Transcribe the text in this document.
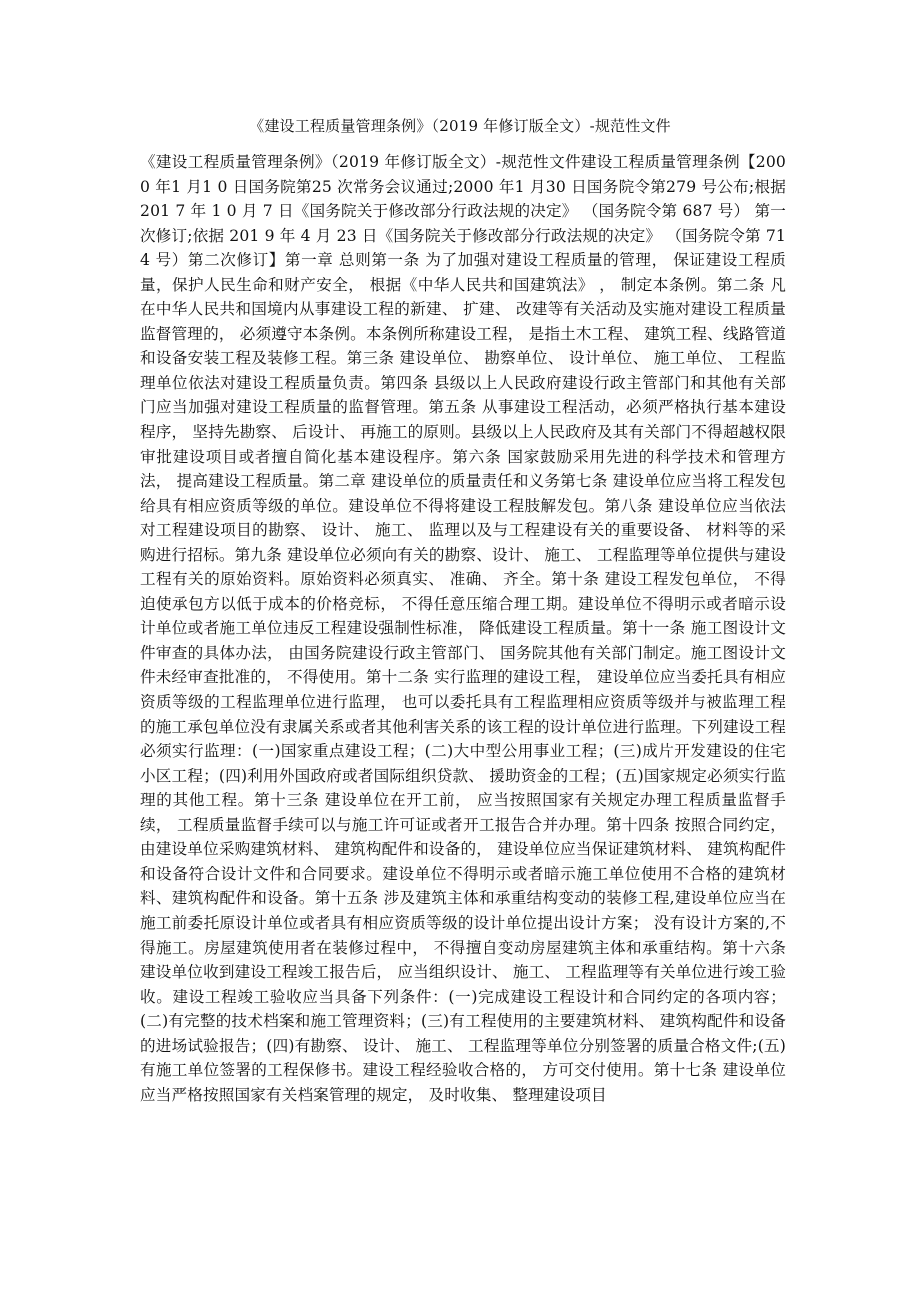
《建设工程质量管理条例》（2019 年修订版全文）-规范性文件
《建设工程质量管理条例》（2019 年修订版全文）-规范性文件建设工程质量管理条例【2000 年1 月1 0 日国务院第25 次常务会议通过;2000 年1 月30 日国务院令第279 号公布;根据201 7 年 1 0 月 7 日《国务院关于修改部分行政法规的决定》 （国务院令第 687 号） 第一次修订;依据 201 9 年 4 月 23 日《国务院关于修改部分行政法规的决定》 （国务院令第 71 4 号）第二次修订】第一章 总则第一条 为了加强对建设工程质量的管理， 保证建设工程质量，保护人民生命和财产安全， 根据《中华人民共和国建筑法》 ， 制定本条例。第二条 凡在中华人民共和国境内从事建设工程的新建、 扩建、 改建等有关活动及实施对建设工程质量监督管理的， 必须遵守本条例。本条例所称建设工程， 是指土木工程、 建筑工程、线路管道和设备安装工程及装修工程。第三条 建设单位、 勘察单位、 设计单位、 施工单位、 工程监理单位依法对建设工程质量负责。第四条 县级以上人民政府建设行政主管部门和其他有关部门应当加强对建设工程质量的监督管理。第五条 从事建设工程活动，必须严格执行基本建设程序， 坚持先勘察、 后设计、 再施工的原则。县级以上人民政府及其有关部门不得超越权限审批建设项目或者擅自简化基本建设程序。第六条 国家鼓励采用先进的科学技术和管理方法， 提高建设工程质量。第二章 建设单位的质量责任和义务第七条 建设单位应当将工程发包给具有相应资质等级的单位。建设单位不得将建设工程肢解发包。第八条 建设单位应当依法对工程建设项目的勘察、 设计、 施工、 监理以及与工程建设有关的重要设备、 材料等的采购进行招标。第九条 建设单位必须向有关的勘察、设计、 施工、 工程监理等单位提供与建设工程有关的原始资料。原始资料必须真实、 准确、 齐全。第十条 建设工程发包单位， 不得迫使承包方以低于成本的价格竞标， 不得任意压缩合理工期。建设单位不得明示或者暗示设计单位或者施工单位违反工程建设强制性标准， 降低建设工程质量。第十一条 施工图设计文件审查的具体办法， 由国务院建设行政主管部门、 国务院其他有关部门制定。施工图设计文件未经审查批准的， 不得使用。第十二条 实行监理的建设工程， 建设单位应当委托具有相应资质等级的工程监理单位进行监理， 也可以委托具有工程监理相应资质等级并与被监理工程的施工承包单位没有隶属关系或者其他利害关系的该工程的设计单位进行监理。下列建设工程必须实行监理：(一)国家重点建设工程；(二)大中型公用事业工程；(三)成片开发建设的住宅小区工程；(四)利用外国政府或者国际组织贷款、 援助资金的工程；(五)国家规定必须实行监理的其他工程。第十三条 建设单位在开工前， 应当按照国家有关规定办理工程质量监督手续， 工程质量监督手续可以与施工许可证或者开工报告合并办理。第十四条 按照合同约定， 由建设单位采购建筑材料、 建筑构配件和设备的， 建设单位应当保证建筑材料、 建筑构配件和设备符合设计文件和合同要求。建设单位不得明示或者暗示施工单位使用不合格的建筑材料、建筑构配件和设备。第十五条 涉及建筑主体和承重结构变动的装修工程,建设单位应当在施工前委托原设计单位或者具有相应资质等级的设计单位提出设计方案； 没有设计方案的,不得施工。房屋建筑使用者在装修过程中， 不得擅自变动房屋建筑主体和承重结构。第十六条 建设单位收到建设工程竣工报告后， 应当组织设计、 施工、 工程监理等有关单位进行竣工验收。建设工程竣工验收应当具备下列条件：(一)完成建设工程设计和合同约定的各项内容；(二)有完整的技术档案和施工管理资料；(三)有工程使用的主要建筑材料、 建筑构配件和设备的进场试验报告；(四)有勘察、 设计、 施工、 工程监理等单位分别签署的质量合格文件;(五)有施工单位签署的工程保修书。建设工程经验收合格的， 方可交付使用。第十七条 建设单位应当严格按照国家有关档案管理的规定， 及时收集、 整理建设项目
